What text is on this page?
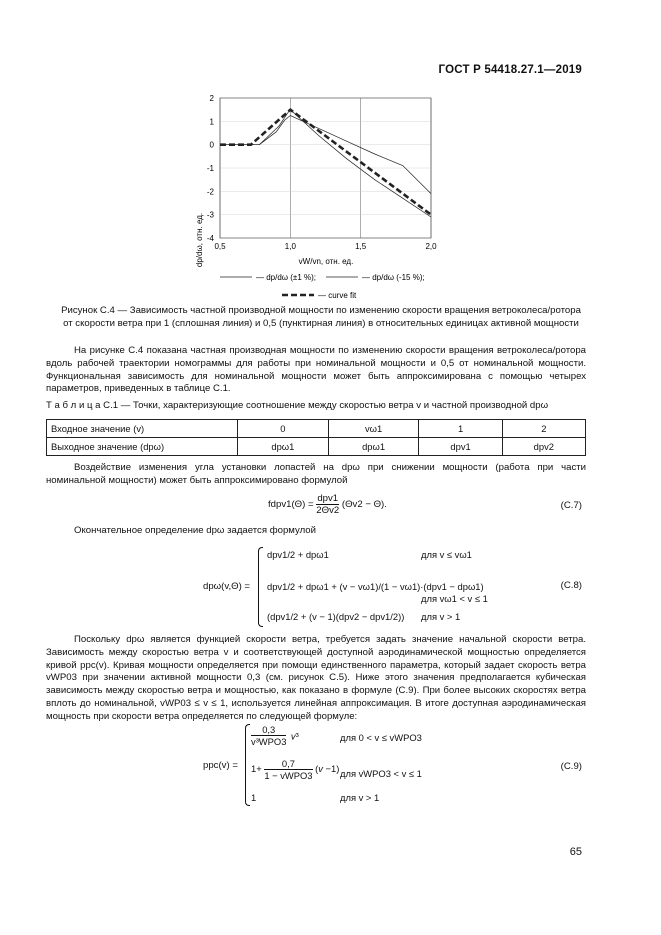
ГОСТ Р 54418.27.1—2019
0,5	1,0	1,5	2,0
2
1
0
-1
-2
-3
-4
dp/dω, отн. ед.	vW/vn, отн. ед.
— dp/dω (±1 %);	— dp/dω (-15 %);
— curve fit
Рисунок С.4 — Зависимость частной производной мощности по изменению скорости вращения ветроколеса/ротора
от скорости ветра при 1 (сплошная линия) и 0,5 (пунктирная линия) в относительных единицах активной мощности
На рисунке С.4 показана частная производная мощности по изменению скорости вращения ветроколеса/ротора вдоль рабочей траектории номограммы для работы при номинальной мощности и 0,5 от номинальной мощности. Функциональная зависимость для номинальной мощности может быть аппроксимирована с помощью четырех параметров, приведенных в таблице С.1.
Т а б л и ц а С.1 — Точки, характеризующие соотношение между скоростью ветра v и частной производной dpω
Входное значение (v)	0	vω1	1	2
Выходное значение (dpω)	dpω1	dpω1	dpv1	dpv2
Воздействие изменения угла установки лопастей на dpω при снижении мощности (работа при части номинальной мощности) может быть аппроксимировано формулой
fdpv1(Θ) = $\frac{\text{dpv1}}{2\Theta v2} (\Theta v2 - \Theta)$.	(С.7)
Окончательное определение dpω задается формулой
dpω(v,Θ) =
dpv1/2 + dpω1	для v ≤ vω1
dpv1/2 + dpω1 + (v − vω1)/(1 − vω1)·(dpv1 − dpω1)
для vω1 < v ≤ 1
(dpv1/2 + (v − 1)(dpv2 − dpv1/2)) для v > 1
(С.8)
Поскольку dpω является функцией скорости ветра, требуется задать значение начальной скорости ветра. Зависимость между скоростью ветра v и соответствующей доступной аэродинамической мощностью определяется кривой ppc(v). Кривая мощности определяется при помощи единственного параметра, который задает скорость ветра vWP03 при значении активной мощности 0,3 (см. рисунок С.5). Ниже этого значения предполагается кубическая зависимость между скоростью ветра и мощностью, как показано в формуле (С.9). При более высоких скоростях ветра вплоть до номинальной, vWP03 ≤ v ≤ 1, используется линейная аппроксимация. В итоге доступная аэродинамическая мощность при скорости ветра определяется по следующей формуле:
ppc(v) =
$\frac{0,3}{\text{v³WPO3}} v^3$	для 0 < v ≤ vWPO3
$1+ \frac{0,7}{\text{1 − vWPO3}} (v -1)$ для vWPO3 < v ≤ 1
1	для v > 1
(С.9)
65
